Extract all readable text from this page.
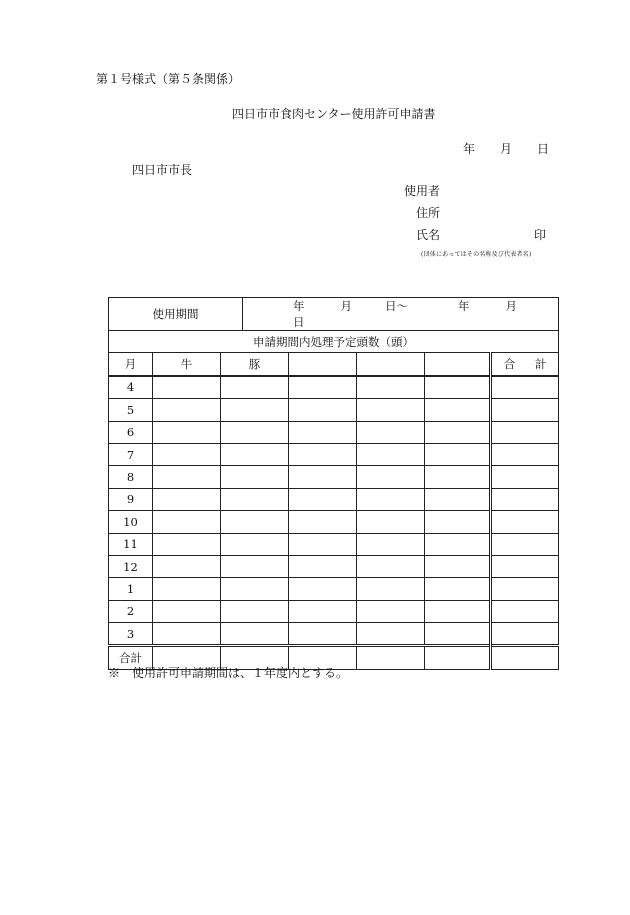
第１号様式（第５条関係）
四日市市食肉センター使用許可申請書
年 月 日
四日市市長
使用者
住所
氏名	印
(団体にあってはその名称及び代表者名)
使用期間			年 月 日～ 年 月日				
申請期間内処理予定頭数（頭）							
月	牛	豚					合 計
4							
5							
6							
7							
8							
9							
10							
11							
12							
1							
2							
3							
合計							
※　使用許可申請期間は、１年度内とする。
